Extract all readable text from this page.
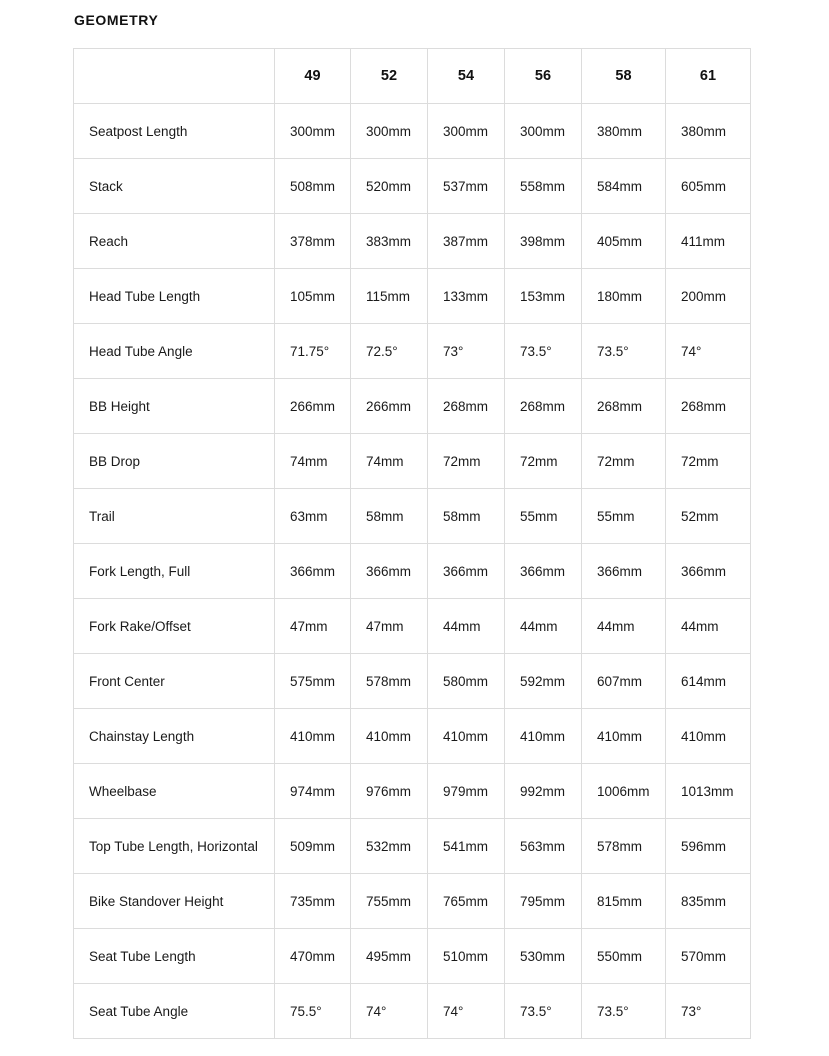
GEOMETRY
	49	52	54	56	58	61
Seatpost Length	300mm	300mm	300mm	300mm	380mm	380mm
Stack	508mm	520mm	537mm	558mm	584mm	605mm
Reach	378mm	383mm	387mm	398mm	405mm	411mm
Head Tube Length	105mm	115mm	133mm	153mm	180mm	200mm
Head Tube Angle	71.75°	72.5°	73°	73.5°	73.5°	74°
BB Height	266mm	266mm	268mm	268mm	268mm	268mm
BB Drop	74mm	74mm	72mm	72mm	72mm	72mm
Trail	63mm	58mm	58mm	55mm	55mm	52mm
Fork Length, Full	366mm	366mm	366mm	366mm	366mm	366mm
Fork Rake/Offset	47mm	47mm	44mm	44mm	44mm	44mm
Front Center	575mm	578mm	580mm	592mm	607mm	614mm
Chainstay Length	410mm	410mm	410mm	410mm	410mm	410mm
Wheelbase	974mm	976mm	979mm	992mm	1006mm	1013mm
Top Tube Length, Horizontal	509mm	532mm	541mm	563mm	578mm	596mm
Bike Standover Height	735mm	755mm	765mm	795mm	815mm	835mm
Seat Tube Length	470mm	495mm	510mm	530mm	550mm	570mm
Seat Tube Angle	75.5°	74°	74°	73.5°	73.5°	73°
